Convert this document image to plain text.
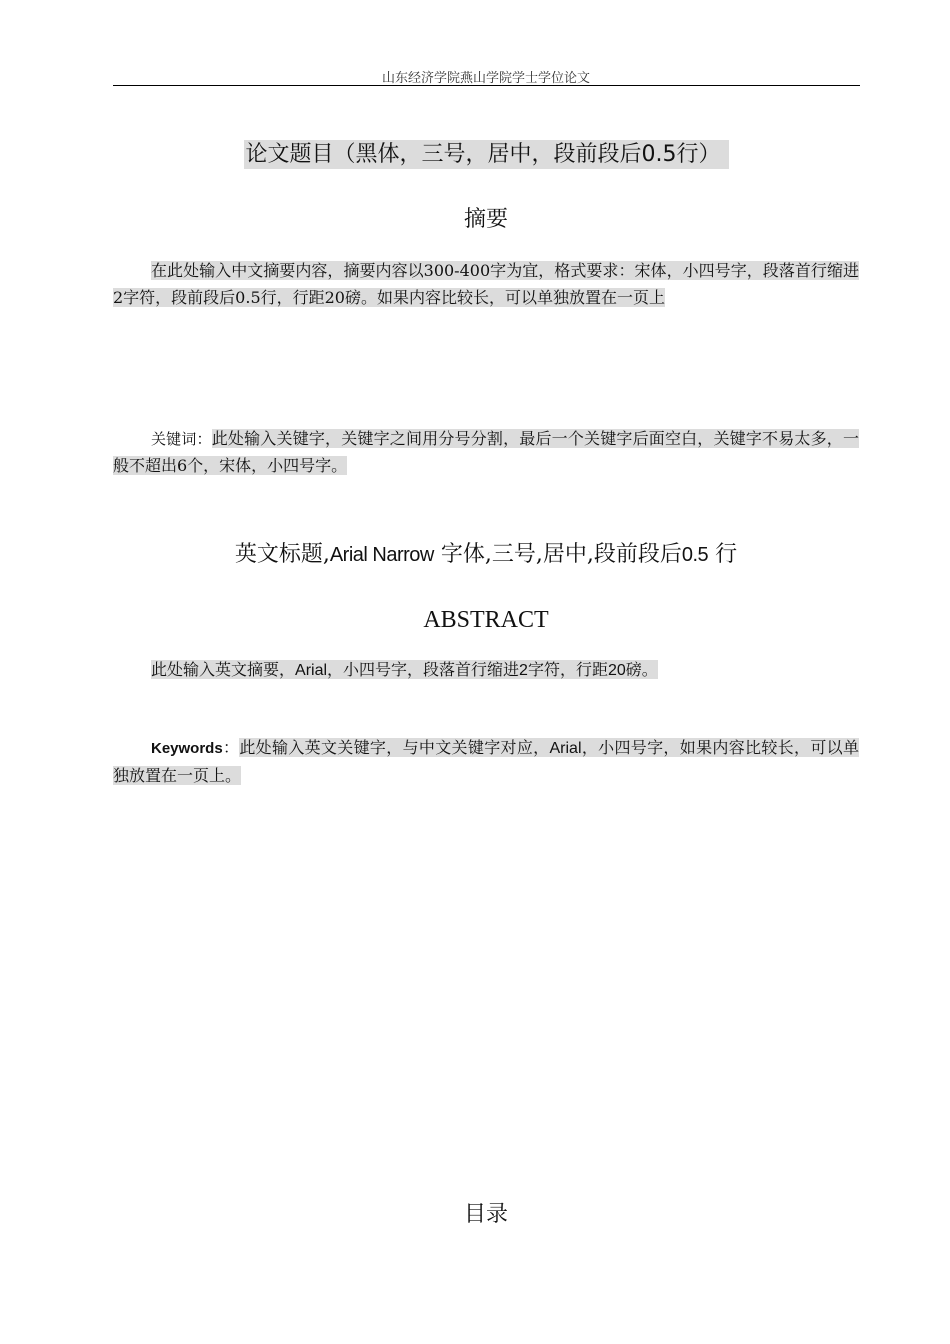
山东经济学院燕山学院学士学位论文
论文题目（黑体，三号，居中，段前段后0.5行）
摘要

在此处输入中文摘要内容，摘要内容以300-400字为宜，格式要求：宋体，小四号字，段落首行缩进2字符，段前段后0.5行，行距20磅。如果内容比较长，可以单独放置在一页上

关键词：此处输入关键字，关键字之间用分号分割，最后一个关键字后面空白，关键字不易太多，一般不超出6个，宋体，小四号字。

英文标题,Arial Narrow 字体,三号,居中,段前段后0.5 行
ABSTRACT

此处输入英文摘要，Arial，小四号字，段落首行缩进2字符，行距20磅。

Keywords：此处输入英文关键字，与中文关键字对应，Arial，小四号字，如果内容比较长，可以单独放置在一页上。

目录
